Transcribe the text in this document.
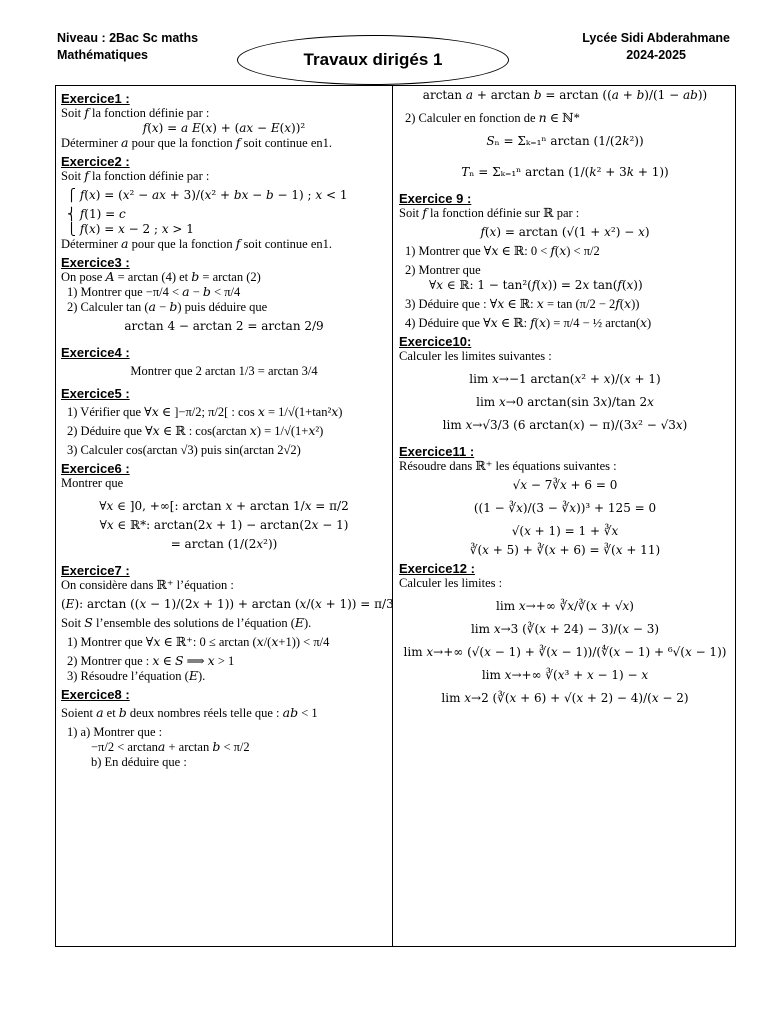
Niveau : 2Bac Sc maths
Mathématiques	Travaux dirigés 1
Lycée Sidi Abderahmane
2024-2025
Exercice1 :
Soit 𝑓 la fonction définie par :
𝑓(𝑥) = 𝑎 𝐸(𝑥) + (𝑎𝑥 − 𝐸(𝑥))²
Déterminer 𝑎 pour que la fonction 𝑓 soit continue en1.
Exercice2 :
Soit 𝑓 la fonction définie par :
⎧ 𝑓(𝑥) = (𝑥² − 𝑎𝑥 + 3)/(𝑥² + 𝑏𝑥 − 𝑏 − 1) ; 𝑥 < 1
⎨ 𝑓(1) = 𝑐
⎩ 𝑓(𝑥) = 𝑥 − 2 ; 𝑥 > 1
Déterminer 𝑎 pour que la fonction 𝑓 soit continue en1.
Exercice3 :
On pose 𝐴 = arctan (4) et 𝑏 = arctan (2)
1) Montrer que −π/4 < 𝑎 − 𝑏 < π/4
2) Calculer tan (𝑎 − 𝑏) puis déduire que
arctan 4 − arctan 2 = arctan 2/9
Exercice4 :
Montrer que 2 arctan 1/3 = arctan 3/4
Exercice5 :
1) Vérifier que ∀𝑥 ∈ ]−π/2; π/2[ : cos 𝑥 = 1/√(1+tan²𝑥)
2) Déduire que ∀𝑥 ∈ ℝ : cos(arctan 𝑥) = 1/√(1+𝑥²)
3) Calculer cos(arctan √3) puis sin(arctan 2√2)
Exercice6 :
Montrer que
∀𝑥 ∈ ]0, +∞[: arctan 𝑥 + arctan 1/𝑥 = π/2
∀𝑥 ∈ ℝ*: arctan(2𝑥 + 1) − arctan(2𝑥 − 1)
= arctan (1/(2𝑥²))
Exercice7 :
On considère dans ℝ⁺ l’équation :
(𝐸): arctan ((𝑥 − 1)/(2𝑥 + 1)) + arctan (𝑥/(𝑥 + 1)) = π/3
Soit 𝑆 l’ensemble des solutions de l’équation (𝐸).
1) Montrer que ∀𝑥 ∈ ℝ⁺: 0 ≤ arctan (𝑥/(𝑥+1)) < π/4
2) Montrer que : 𝑥 ∈ 𝑆 ⟹ 𝑥 > 1
3) Résoudre l’équation (𝐸).
Exercice8 :
Soient 𝑎 et 𝑏 deux nombres réels telle que : 𝑎𝑏 < 1
1) a) Montrer que :
−π/2 < arctan𝑎 + arctan 𝑏 < π/2
b) En déduire que :
arctan 𝑎 + arctan 𝑏 = arctan ((𝑎 + 𝑏)/(1 − 𝑎𝑏))
2) Calculer en fonction de 𝑛 ∈ ℕ*
𝑆ₙ = Σₖ₌₁ⁿ arctan (1/(2𝑘²))
𝑇ₙ = Σₖ₌₁ⁿ arctan (1/(𝑘² + 3𝑘 + 1))
Exercice 9 :
Soit 𝑓 la fonction définie sur ℝ par :
𝑓(𝑥) = arctan (√(1 + 𝑥²) − 𝑥)
1) Montrer que ∀𝑥 ∈ ℝ: 0 < 𝑓(𝑥) < π/2
2) Montrer que
∀𝑥 ∈ ℝ: 1 − tan²(𝑓(𝑥)) = 2𝑥 tan(𝑓(𝑥))
3) Déduire que : ∀𝑥 ∈ ℝ: 𝑥 = tan (π/2 − 2𝑓(𝑥))
4) Déduire que ∀𝑥 ∈ ℝ: 𝑓(𝑥) = π/4 − ½ arctan(𝑥)
Exercice10:
Calculer les limites suivantes :
lim 𝑥→−1 arctan(𝑥² + 𝑥)/(𝑥 + 1)
lim 𝑥→0 arctan(sin 3𝑥)/tan 2𝑥
lim 𝑥→√3/3 (6 arctan(𝑥) − π)/(3𝑥² − √3𝑥)
Exercice11 :
Résoudre dans ℝ⁺ les équations suivantes :
√𝑥 − 7∛𝑥 + 6 = 0
((1 − ∛𝑥)/(3 − ∛𝑥))³ + 125 = 0
√(𝑥 + 1) = 1 + ∛𝑥
∛(𝑥 + 5) + ∛(𝑥 + 6) = ∛(𝑥 + 11)
Exercice12 :
Calculer les limites :
lim 𝑥→+∞ ∛𝑥/∛(𝑥 + √𝑥)
lim 𝑥→3 (∛(𝑥 + 24) − 3)/(𝑥 − 3)
lim 𝑥→+∞ (√(𝑥 − 1) + ∛(𝑥 − 1))/(∜(𝑥 − 1) + ⁶√(𝑥 − 1))
lim 𝑥→+∞ ∛(𝑥³ + 𝑥 − 1) − 𝑥
lim 𝑥→2 (∛(𝑥 + 6) + √(𝑥 + 2) − 4)/(𝑥 − 2)
